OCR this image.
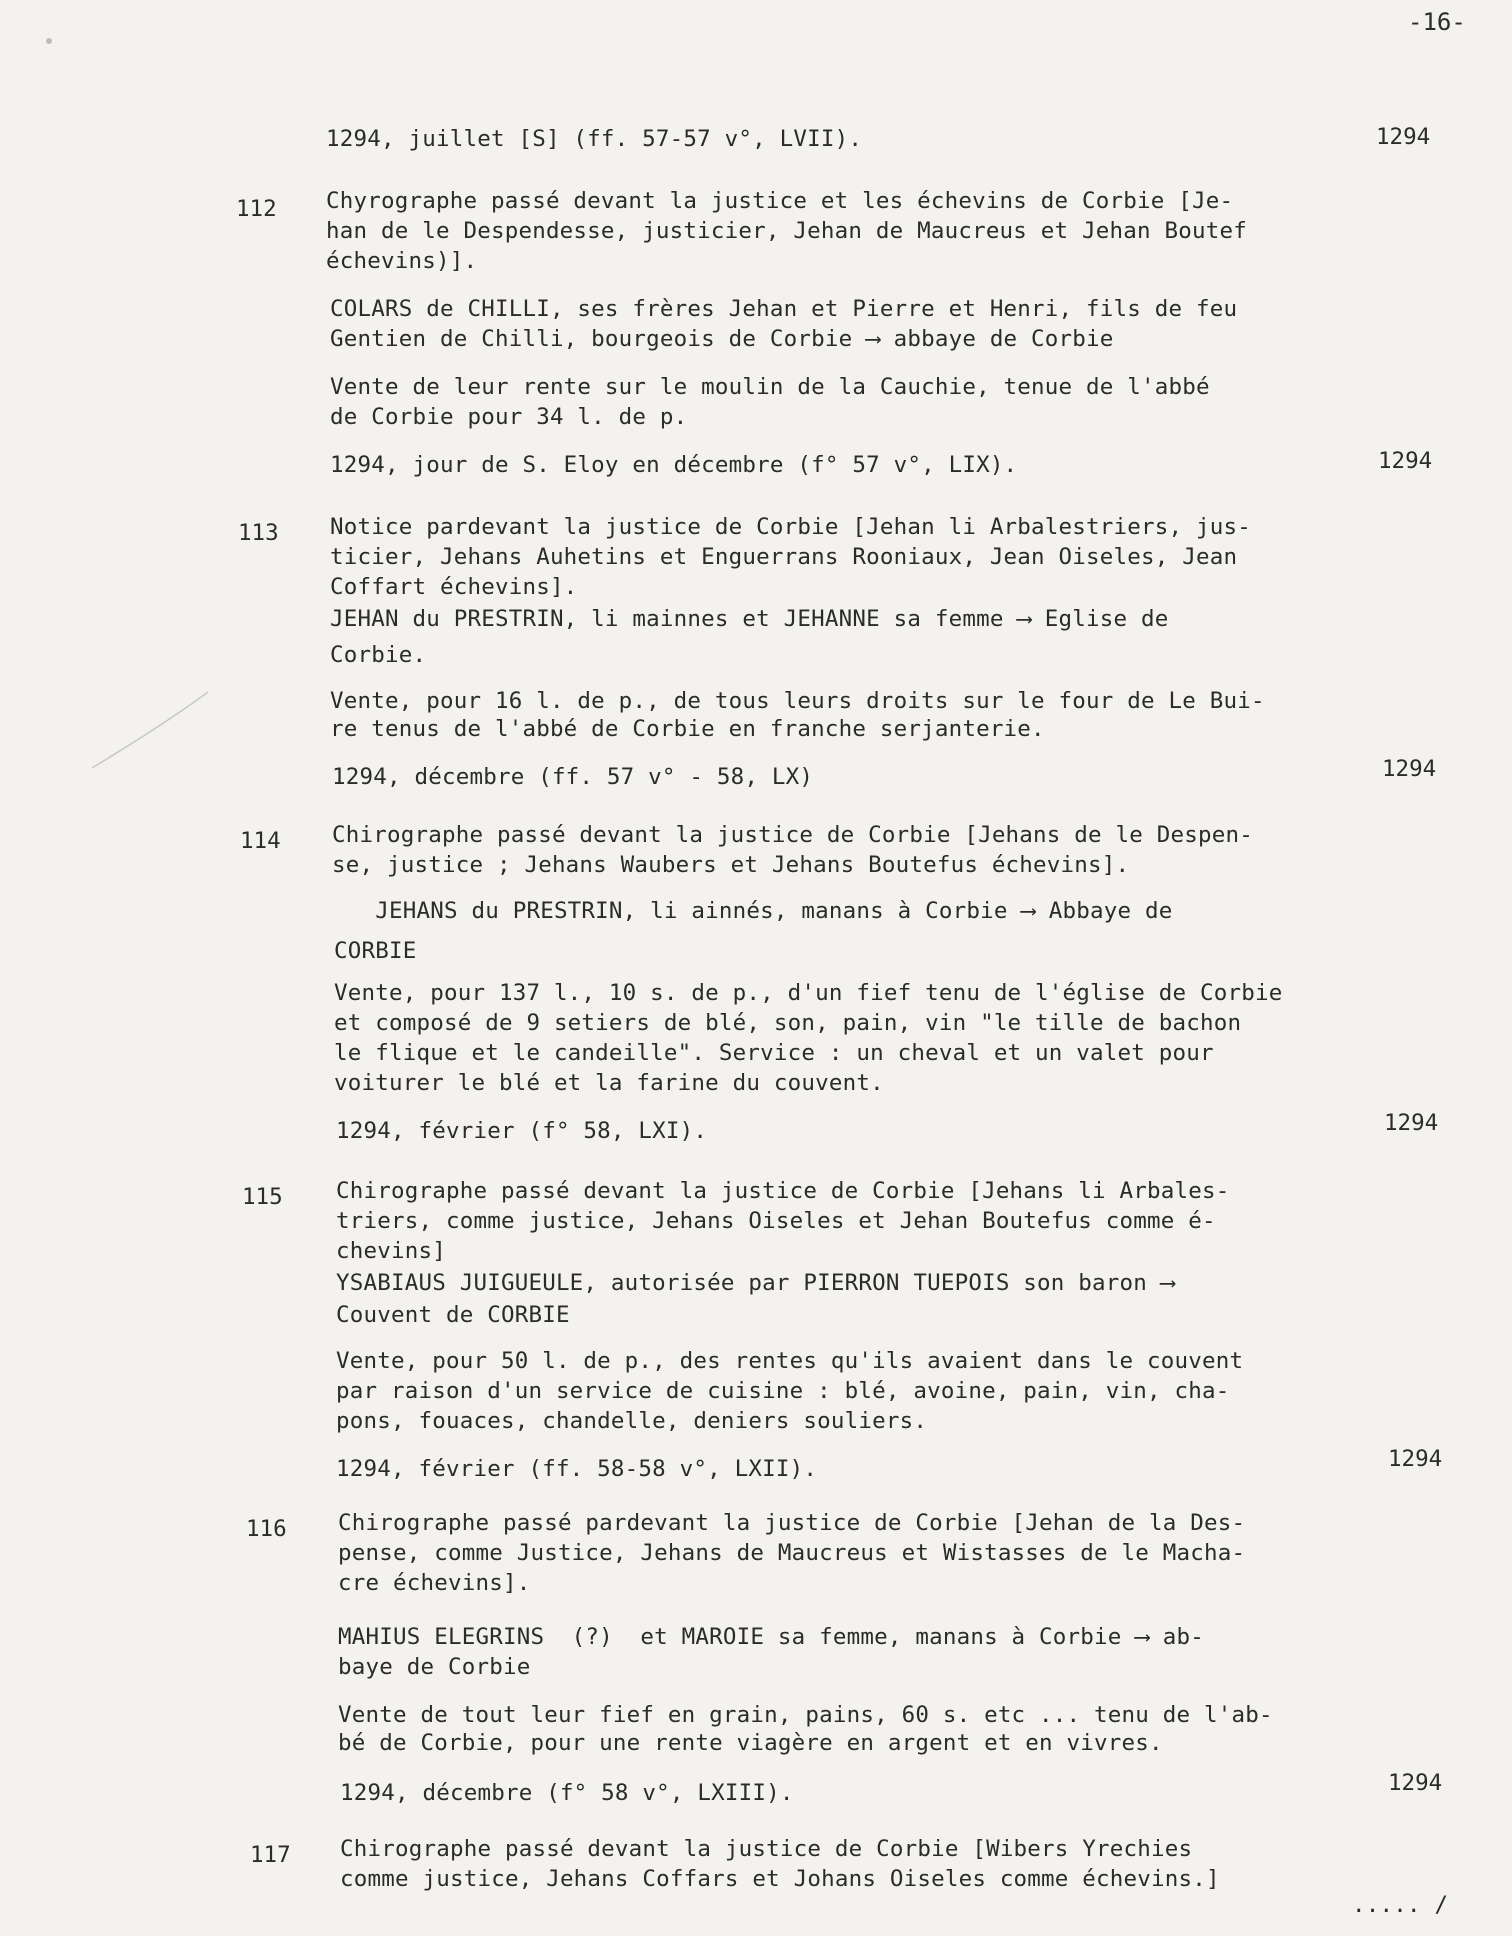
-16-
1294, juillet [S] (ff. 57-57 v°, LVII).	1294
112 Chyrographe passé devant la justice et les échevins de Corbie [Je-
han de le Despendesse, justicier, Jehan de Maucreus et Jehan Boutef
échevins)].
COLARS de CHILLI, ses frères Jehan et Pierre et Henri, fils de feu
Gentien de Chilli, bourgeois de Corbie ⟶ abbaye de Corbie
Vente de leur rente sur le moulin de la Cauchie, tenue de l'abbé
de Corbie pour 34 l. de p.
1294, jour de S. Eloy en décembre (f° 57 v°, LIX).	1294
113 Notice pardevant la justice de Corbie [Jehan li Arbalestriers, jus-
ticier, Jehans Auhetins et Enguerrans Rooniaux, Jean Oiseles, Jean
Coffart échevins].
JEHAN du PRESTRIN, li mainnes et JEHANNE sa femme ⟶ Eglise de
Corbie.
Vente, pour 16 l. de p., de tous leurs droits sur le four de Le Bui-
re tenus de l'abbé de Corbie en franche serjanterie.
1294, décembre (ff. 57 v° - 58, LX)	1294
114 Chirographe passé devant la justice de Corbie [Jehans de le Despen-
se, justice ; Jehans Waubers et Jehans Boutefus échevins].
JEHANS du PRESTRIN, li ainnés, manans à Corbie ⟶ Abbaye de
CORBIE
Vente, pour 137 l., 10 s. de p., d'un fief tenu de l'église de Corbie
et composé de 9 setiers de blé, son, pain, vin "le tille de bachon
le flique et le candeille". Service : un cheval et un valet pour
voiturer le blé et la farine du couvent.
1294, février (f° 58, LXI).	1294
115 Chirographe passé devant la justice de Corbie [Jehans li Arbales-
triers, comme justice, Jehans Oiseles et Jehan Boutefus comme é-
chevins]
YSABIAUS JUIGUEULE, autorisée par PIERRON TUEPOIS son baron ⟶
Couvent de CORBIE
Vente, pour 50 l. de p., des rentes qu'ils avaient dans le couvent
par raison d'un service de cuisine : blé, avoine, pain, vin, cha-
pons, fouaces, chandelle, deniers souliers.
1294, février (ff. 58-58 v°, LXII).	1294
116 Chirographe passé pardevant la justice de Corbie [Jehan de la Des-
pense, comme Justice, Jehans de Maucreus et Wistasses de le Macha-
cre échevins].
MAHIUS ELEGRINS  (?)  et MAROIE sa femme, manans à Corbie ⟶ ab-
baye de Corbie
Vente de tout leur fief en grain, pains, 60 s. etc ... tenu de l'ab-
bé de Corbie, pour une rente viagère en argent et en vivres.
1294, décembre (f° 58 v°, LXIII).	1294
117 Chirographe passé devant la justice de Corbie [Wibers Yrechies
comme justice, Jehans Coffars et Johans Oiseles comme échevins.]
..... /
